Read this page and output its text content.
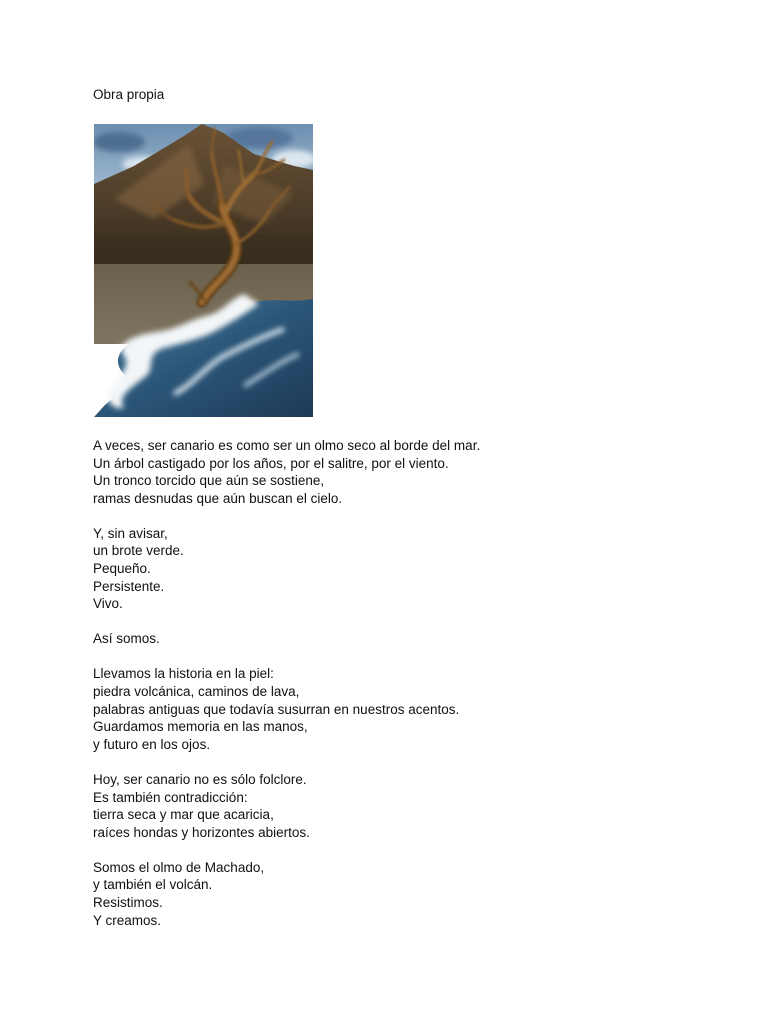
Obra propia

A veces, ser canario es como ser un olmo seco al borde del mar.
Un árbol castigado por los años, por el salitre, por el viento.
Un tronco torcido que aún se sostiene,
ramas desnudas que aún buscan el cielo.
Y, sin avisar,
un brote verde.
Pequeño.
Persistente.
Vivo.
Así somos.
Llevamos la historia en la piel:
piedra volcánica, caminos de lava,
palabras antiguas que todavía susurran en nuestros acentos.
Guardamos memoria en las manos,
y futuro en los ojos.
Hoy, ser canario no es sólo folclore.
Es también contradicción:
tierra seca y mar que acaricia,
raíces hondas y horizontes abiertos.
Somos el olmo de Machado,
y también el volcán.
Resistimos.
Y creamos.
